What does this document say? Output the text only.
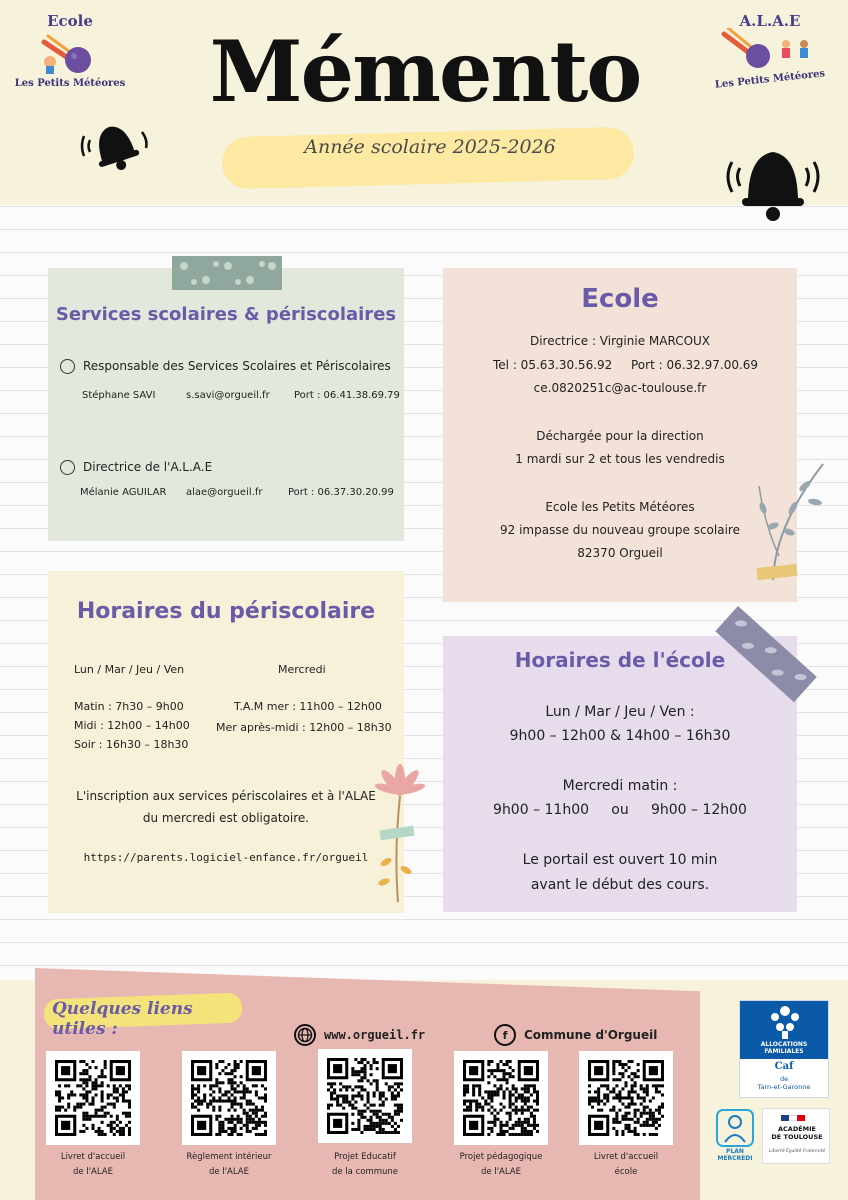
Ecole
Les Petits Météores
A.L.A.E
Les Petits Météores
Mémento
Année scolaire 2025-2026
Services scolaires & périscolaires
Responsable des Services Scolaires et Périscolaires
Stéphane SAVI	s.savi@orgueil.fr Port : 06.41.38.69.79
Directrice de l'A.L.A.E
Mélanie AGUILAR alae@orgueil.fr	Port : 06.37.30.20.99
Ecole
Directrice : Virginie MARCOUX
Tel : 05.63.30.56.92 Port : 06.32.97.00.69
ce.0820251c@ac-toulouse.fr
Déchargée pour la direction
1 mardi sur 2 et tous les vendredis
Ecole les Petits Météores
92 impasse du nouveau groupe scolaire
82370 Orgueil
Horaires du périscolaire
Lun / Mar / Jeu / Ven	Mercredi
Matin : 7h30 – 9h00
Midi : 12h00 – 14h00
Soir : 16h30 – 18h30
T.A.M mer : 11h00 – 12h00
Mer après-midi : 12h00 – 18h30
L'inscription aux services périscolaires et à l'ALAE
du mercredi est obligatoire.
https://parents.logiciel-enfance.fr/orgueil
Horaires de l'école
Lun / Mar / Jeu / Ven :
9h00 – 12h00 & 14h00 – 16h30
Mercredi matin :
9h00 – 11h00     ou     9h00 – 12h00
Le portail est ouvert 10 min
avant le début des cours.
Quelques liens utiles :	www.orgueil.fr	f	Commune d'Orgueil
Livret d'accueil
de l'ALAE
Règlement intérieur
de l'ALAE
Projet Educatif
de la commune
Projet pédagogique
de l'ALAE
Livret d'accueil
école
ALLOCATIONS
FAMILIALES
Caf
de
Tarn-et-Garonne
PLAN
MERCREDI
ACADÉMIE
DE TOULOUSE
Liberté Égalité Fraternité
